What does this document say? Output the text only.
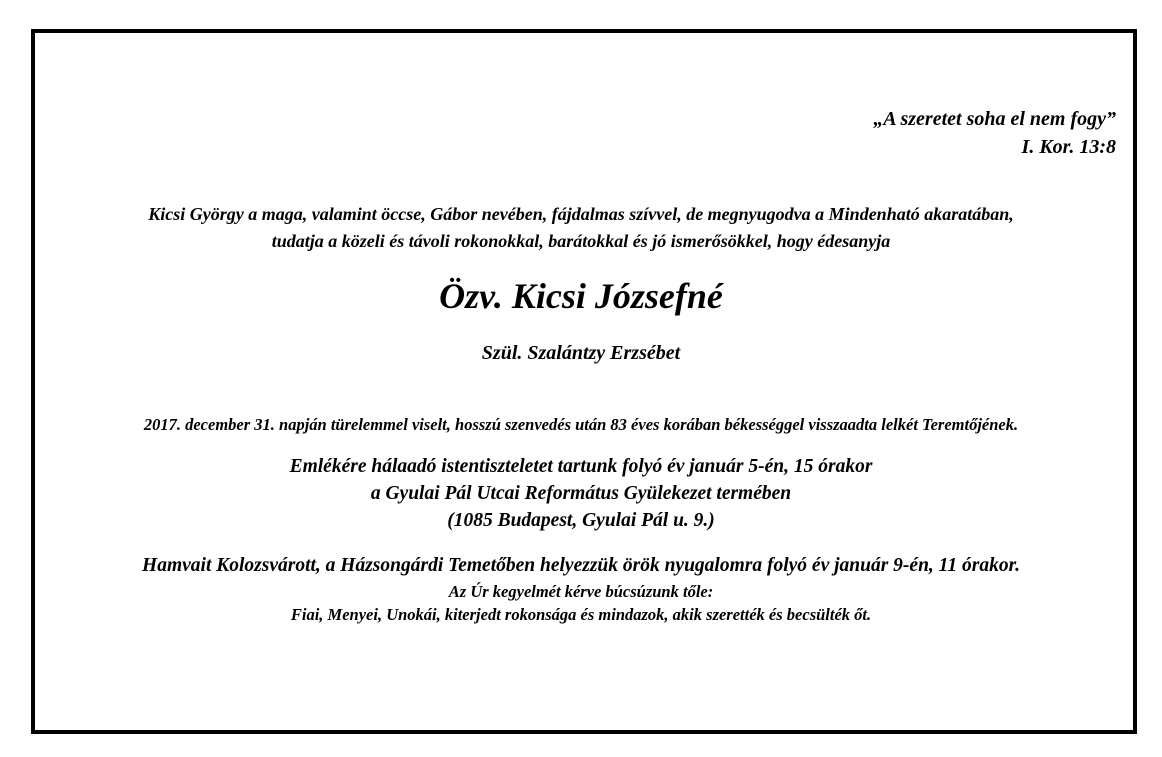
„A szeretet soha el nem fogy”
I. Kor. 13:8
Kicsi György a maga, valamint öccse, Gábor nevében, fájdalmas szívvel, de megnyugodva a Mindenható akaratában,
tudatja a közeli és távoli rokonokkal, barátokkal és jó ismerősökkel, hogy édesanyja
Özv. Kicsi Józsefné
Szül. Szalántzy Erzsébet
2017. december 31. napján türelemmel viselt, hosszú szenvedés után 83 éves korában békességgel visszaadta lelkét Teremtőjének.
Emlékére hálaadó istentiszteletet tartunk folyó év január 5-én, 15 órakor
a Gyulai Pál Utcai Református Gyülekezet termében
(1085 Budapest, Gyulai Pál u. 9.)
Hamvait Kolozsvárott, a Házsongárdi Temetőben helyezzük örök nyugalomra folyó év január 9-én, 11 órakor.
Az Úr kegyelmét kérve búcsúzunk tőle:
Fiai, Menyei, Unokái, kiterjedt rokonsága és mindazok, akik szerették és becsülték őt.
